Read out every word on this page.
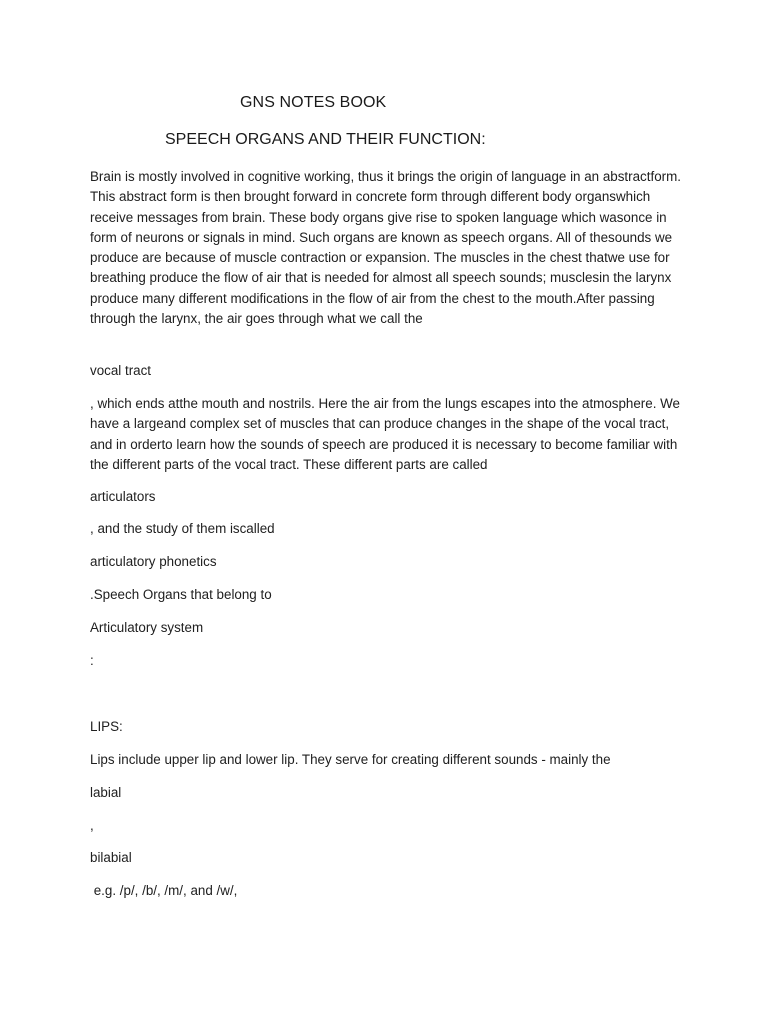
GNS NOTES BOOK
SPEECH ORGANS AND THEIR FUNCTION:

Brain is mostly involved in cognitive working, thus it brings the origin of language in an abstractform. This abstract form is then brought forward in concrete form through different body organswhich receive messages from brain. These body organs give rise to spoken language which wasonce in form of neurons or signals in mind. Such organs are known as speech organs. All of thesounds we produce are because of muscle contraction or expansion. The muscles in the chest thatwe use for breathing produce the flow of air that is needed for almost all speech sounds; musclesin the larynx produce many different modifications in the flow of air from the chest to the mouth.After passing through the larynx, the air goes through what we call the

vocal tract

, which ends atthe mouth and nostrils. Here the air from the lungs escapes into the atmosphere. We have a largeand complex set of muscles that can produce changes in the shape of the vocal tract, and in orderto learn how the sounds of speech are produced it is necessary to become familiar with the different parts of the vocal tract. These different parts are called

articulators

, and the study of them iscalled

articulatory phonetics

.Speech Organs that belong to

Articulatory system

:

LIPS:

Lips include upper lip and lower lip. They serve for creating different sounds - mainly the

labial

,

bilabial

e.g. /p/, /b/, /m/, and /w/,
